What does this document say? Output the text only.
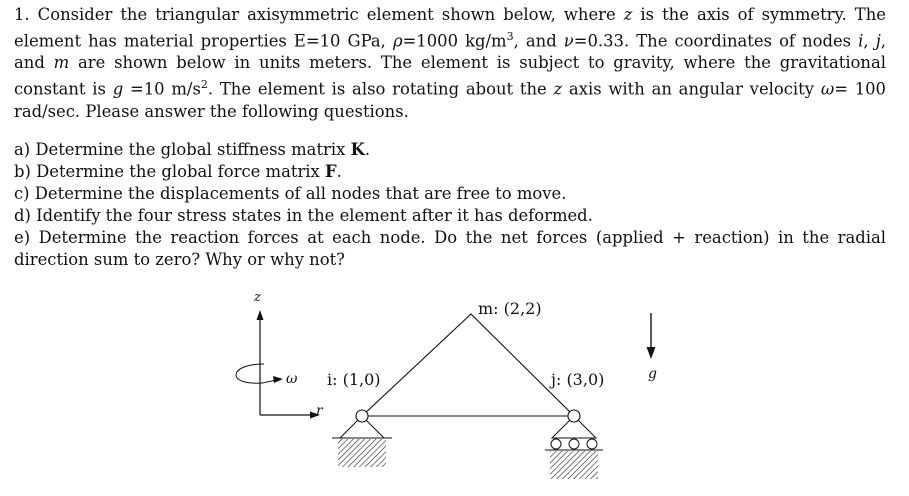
1. Consider the triangular axisymmetric element shown below, where z is the axis of symmetry. The element has material properties E=10 GPa, ρ=1000 $kg/m^3$, and ν=0.33. The coordinates of nodes i, j, and m are shown below in units meters. The element is subject to gravity, where the gravitational constant is g =10 $m/s^2$. The element is also rotating about the z axis with an angular velocity ω= 100 rad/sec. Please answer the following questions.
a) Determine the global stiffness matrix K.
b) Determine the global force matrix F.
c) Determine the displacements of all nodes that are free to move.
d) Identify the four stress states in the element after it has deformed.
e) Determine the reaction forces at each node. Do the net forces (applied + reaction) in the radial direction sum to zero? Why or why not?
z
r
ω	g
i: (1,0)	j: (3,0)
m: (2,2)
